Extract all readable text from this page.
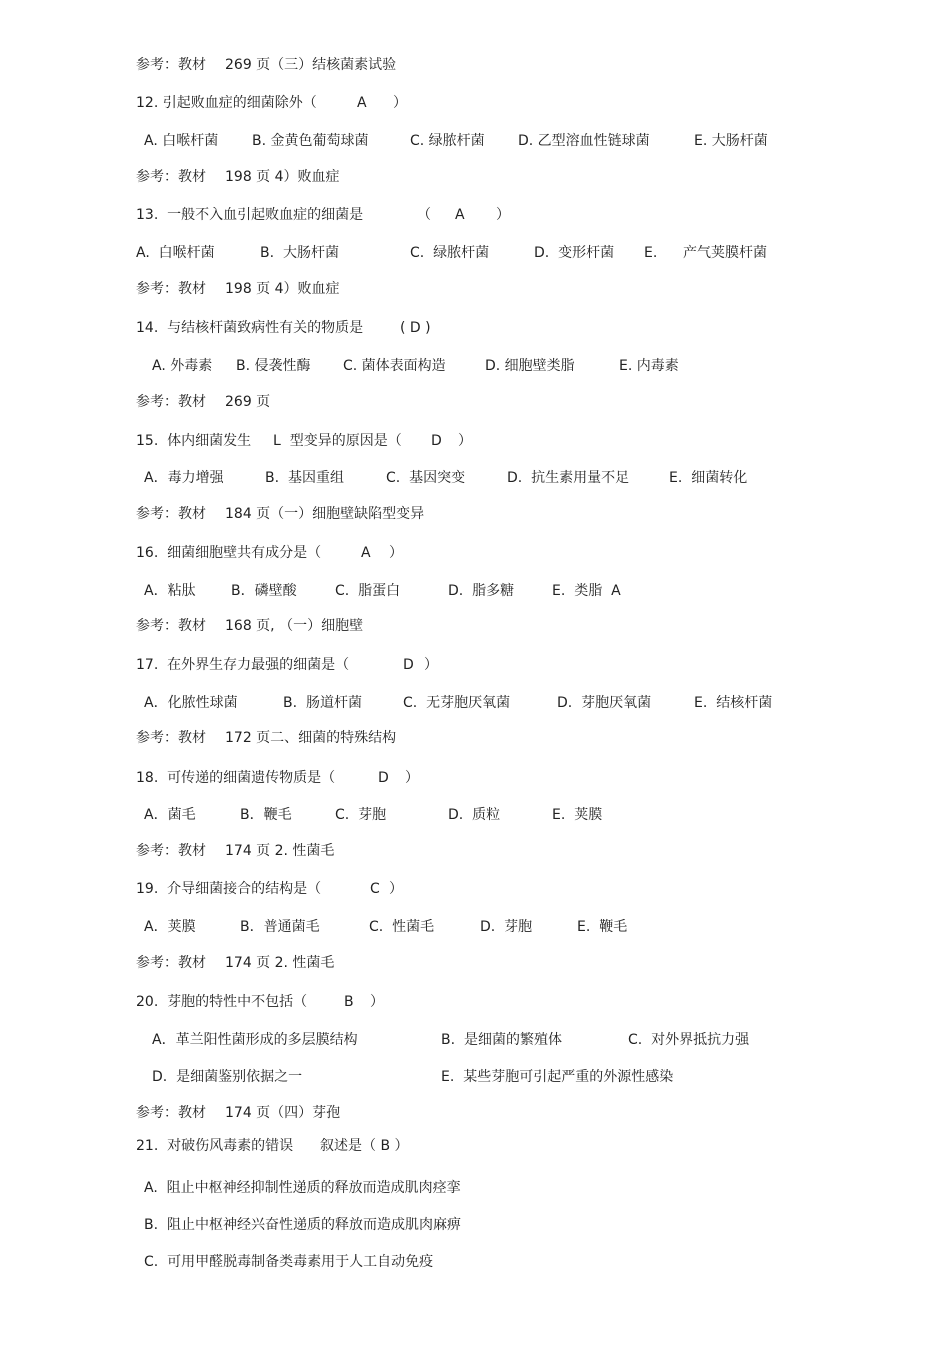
参考：教材

269 页（三）结核菌素试验

12. 引起败血症的细菌除外（

	A

）

A. 白喉杆菌

B. 金黄色葡萄球菌

	C. 绿脓杆菌

D. 乙型溶血性链球菌

	E. 大肠杆菌

参考：教材

198 页 4）败血症

13.  一般不入血引起败血症的细菌是

	（

A

）

A.  白喉杆菌

	B.  大肠杆菌

	C.  绿脓杆菌

	D.  变形杆菌

E.

产气荚膜杆菌

参考：教材

198 页 4）败血症

14.  与结核杆菌致病性有关的物质是

	( D )

A. 外毒素

B. 侵袭性酶

C. 菌体表面构造

	D. 细胞壁类脂

	E. 内毒素

参考：教材

269 页

15.  体内细菌发生

L  型变异的原因是（

D

）

A．毒力增强

	B.  基因重组

	C.  基因突变

	D.  抗生素用量不足

	E.  细菌转化

参考：教材

184 页（一）细胞壁缺陷型变异

16.  细菌细胞壁共有成分是（

	A

）

A．粘肽

	B．磷壁酸

	C.  脂蛋白

	D.  脂多糖

	E.  类脂  A

参考：教材

168 页, （一）细胞壁

17.  在外界生存力最强的细菌是（

	D

）

A．化脓性球菌

	B.  肠道杆菌

	C.  无芽胞厌氧菌

	D.  芽胞厌氧菌

	E.  结核杆菌

参考：教材

172 页二、细菌的特殊结构

18.  可传递的细菌遗传物质是（

	D

）

A．菌毛

	B．鞭毛

	C.  芽胞

	D.  质粒

	E.  荚膜

参考：教材

174 页 2. 性菌毛

19.  介导细菌接合的结构是（

	C

）

A．荚膜

	B．普通菌毛

	C.  性菌毛

	D.  芽胞

	E.  鞭毛

参考：教材

174 页 2. 性菌毛

20.  芽胞的特性中不包括（

	B

）

A．革兰阳性菌形成的多层膜结构

	B.  是细菌的繁殖体

	C.  对外界抵抗力强

D.  是细菌鉴别依据之一

	E.  某些芽胞可引起严重的外源性感染

参考：教材

174 页（四）芽孢

21.  对破伤风毒素的错误

叙述是（ B ）

A.  阻止中枢神经抑制性递质的释放而造成肌肉痉挛

B.  阻止中枢神经兴奋性递质的释放而造成肌肉麻痹

C.  可用甲醛脱毒制备类毒素用于人工自动免疫
